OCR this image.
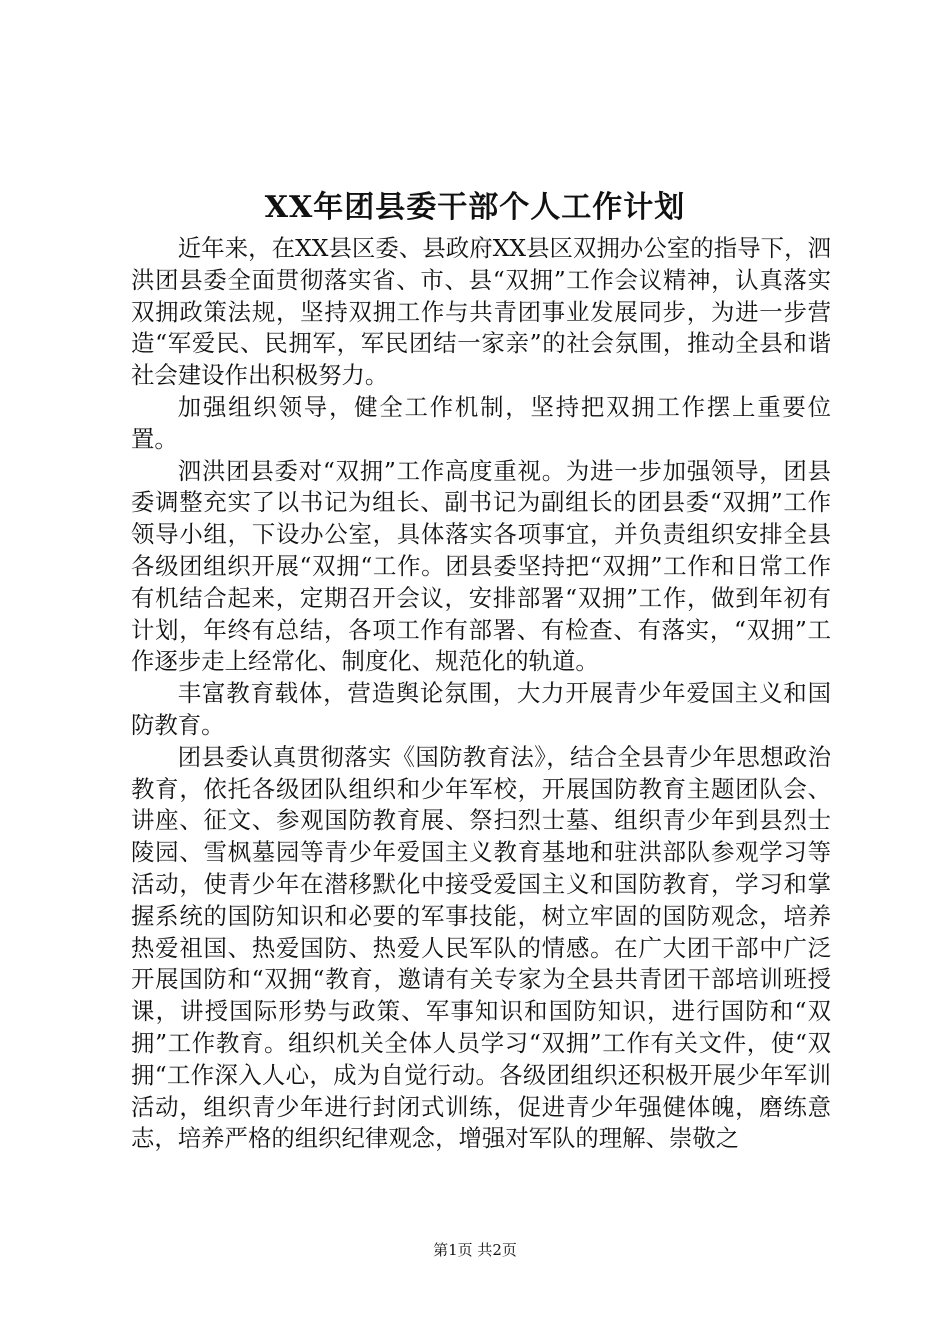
XX年团县委干部个人工作计划

近年来，在XX县区委、县政府XX县区双拥办公室的指导下，泗洪团县委全面贯彻落实省、市、县“双拥”工作会议精神，认真落实双拥政策法规，坚持双拥工作与共青团事业发展同步，为进一步营造“军爱民、民拥军，军民团结一家亲”的社会氛围，推动全县和谐社会建设作出积极努力。

加强组织领导，健全工作机制，坚持把双拥工作摆上重要位置。

泗洪团县委对“双拥”工作高度重视。为进一步加强领导，团县委调整充实了以书记为组长、副书记为副组长的团县委“双拥”工作领导小组，下设办公室，具体落实各项事宜，并负责组织安排全县各级团组织开展“双拥“工作。团县委坚持把“双拥”工作和日常工作有机结合起来，定期召开会议，安排部署“双拥”工作，做到年初有计划，年终有总结，各项工作有部署、有检查、有落实，“双拥”工作逐步走上经常化、制度化、规范化的轨道。

丰富教育载体，营造舆论氛围，大力开展青少年爱国主义和国防教育。

团县委认真贯彻落实《国防教育法》，结合全县青少年思想政治教育，依托各级团队组织和少年军校，开展国防教育主题团队会、讲座、征文、参观国防教育展、祭扫烈士墓、组织青少年到县烈士陵园、雪枫墓园等青少年爱国主义教育基地和驻洪部队参观学习等活动，使青少年在潜移默化中接受爱国主义和国防教育，学习和掌握系统的国防知识和必要的军事技能，树立牢固的国防观念，培养热爱祖国、热爱国防、热爱人民军队的情感。在广大团干部中广泛开展国防和“双拥“教育，邀请有关专家为全县共青团干部培训班授课，讲授国际形势与政策、军事知识和国防知识，进行国防和“双拥”工作教育。组织机关全体人员学习“双拥”工作有关文件，使“双拥“工作深入人心，成为自觉行动。各级团组织还积极开展少年军训活动，组织青少年进行封闭式训练，促进青少年强健体魄，磨练意志，培养严格的组织纪律观念，增强对军队的理解、崇敬之

第1页 共2页
